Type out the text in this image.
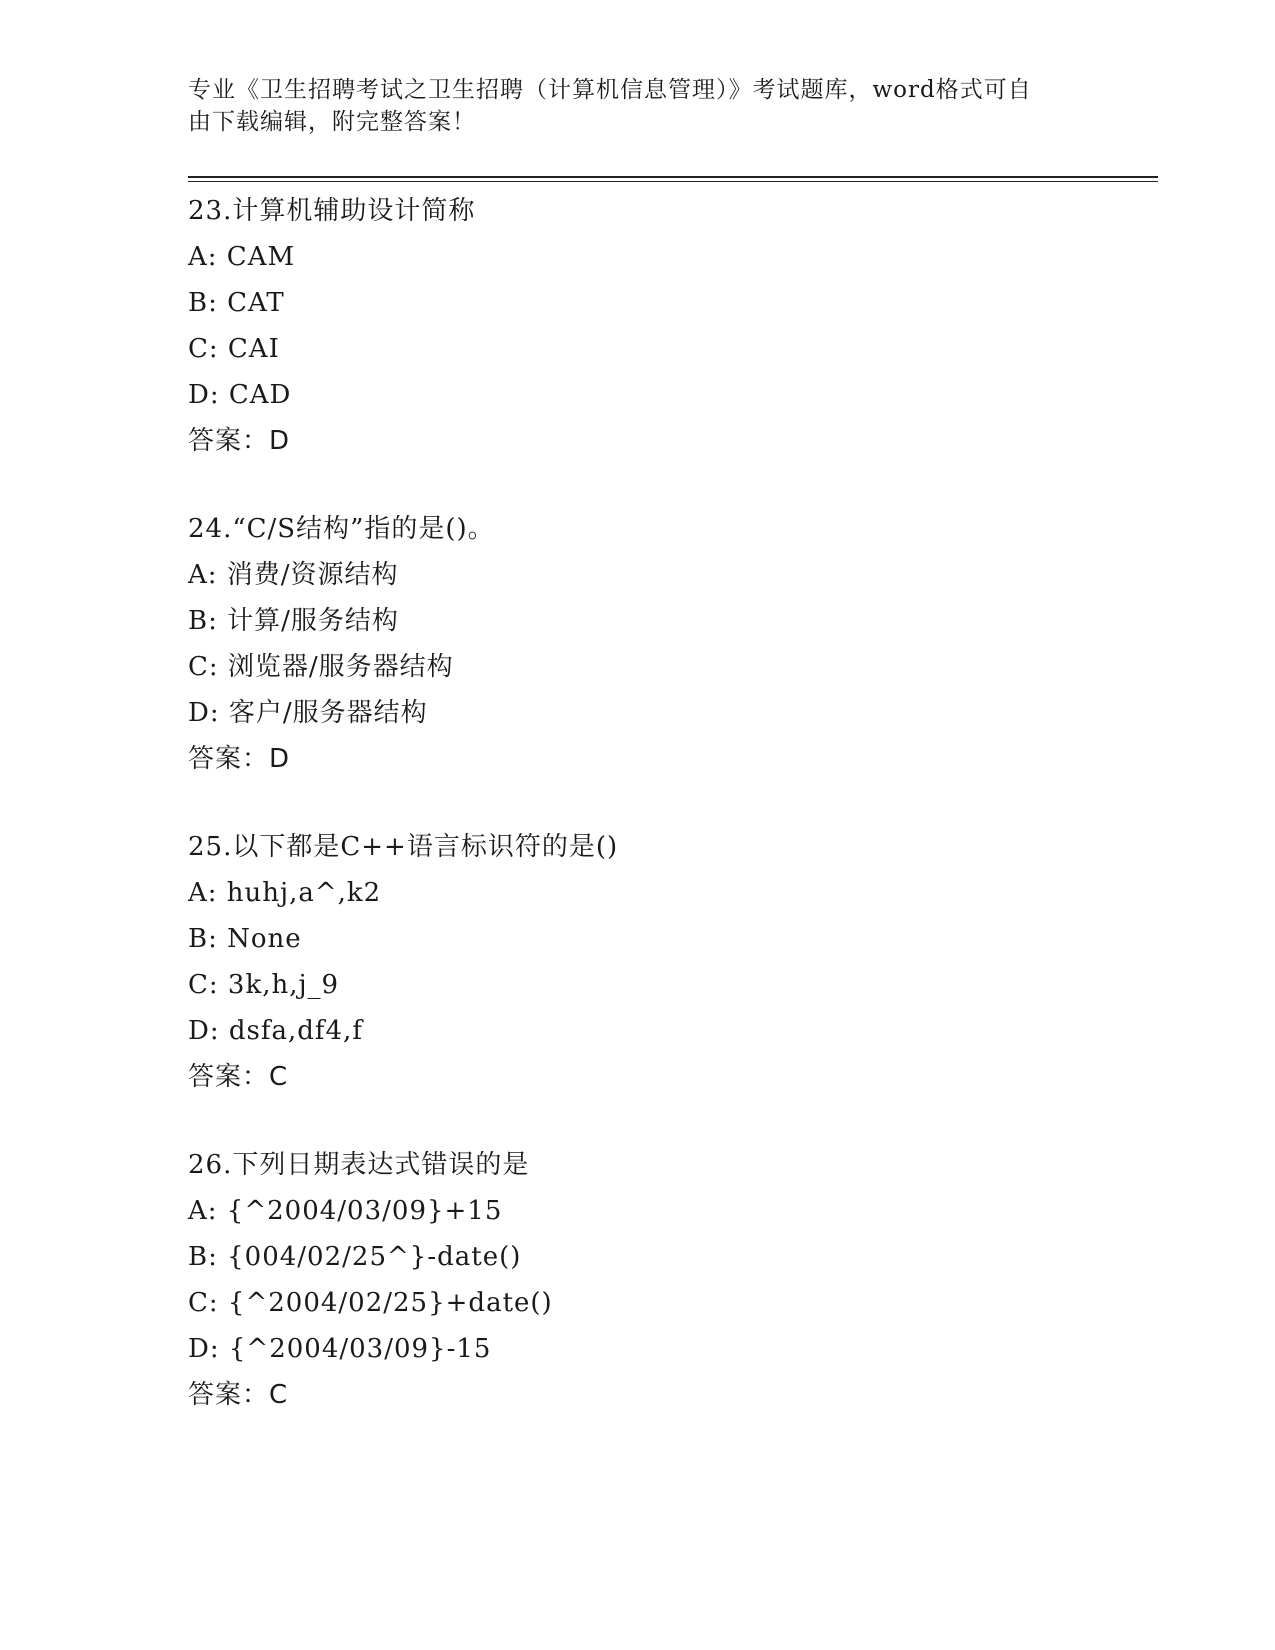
专业《卫生招聘考试之卫生招聘（计算机信息管理）》考试题库，word格式可自
由下载编辑，附完整答案！
23.计算机辅助设计简称
A: CAM
B: CAT
C: CAI
D: CAD
答案：D
24.“C/S结构”指的是()。
A: 消费/资源结构
B: 计算/服务结构
C: 浏览器/服务器结构
D: 客户/服务器结构
答案：D
25.以下都是C++语言标识符的是()
A: huhj,a^,k2
B: None
C: 3k,h,j_9
D: dsfa,df4,f
答案：C
26.下列日期表达式错误的是
A: {^2004/03/09}+15
B: {004/02/25^}-date()
C: {^2004/02/25}+date()
D: {^2004/03/09}-15
答案：C
